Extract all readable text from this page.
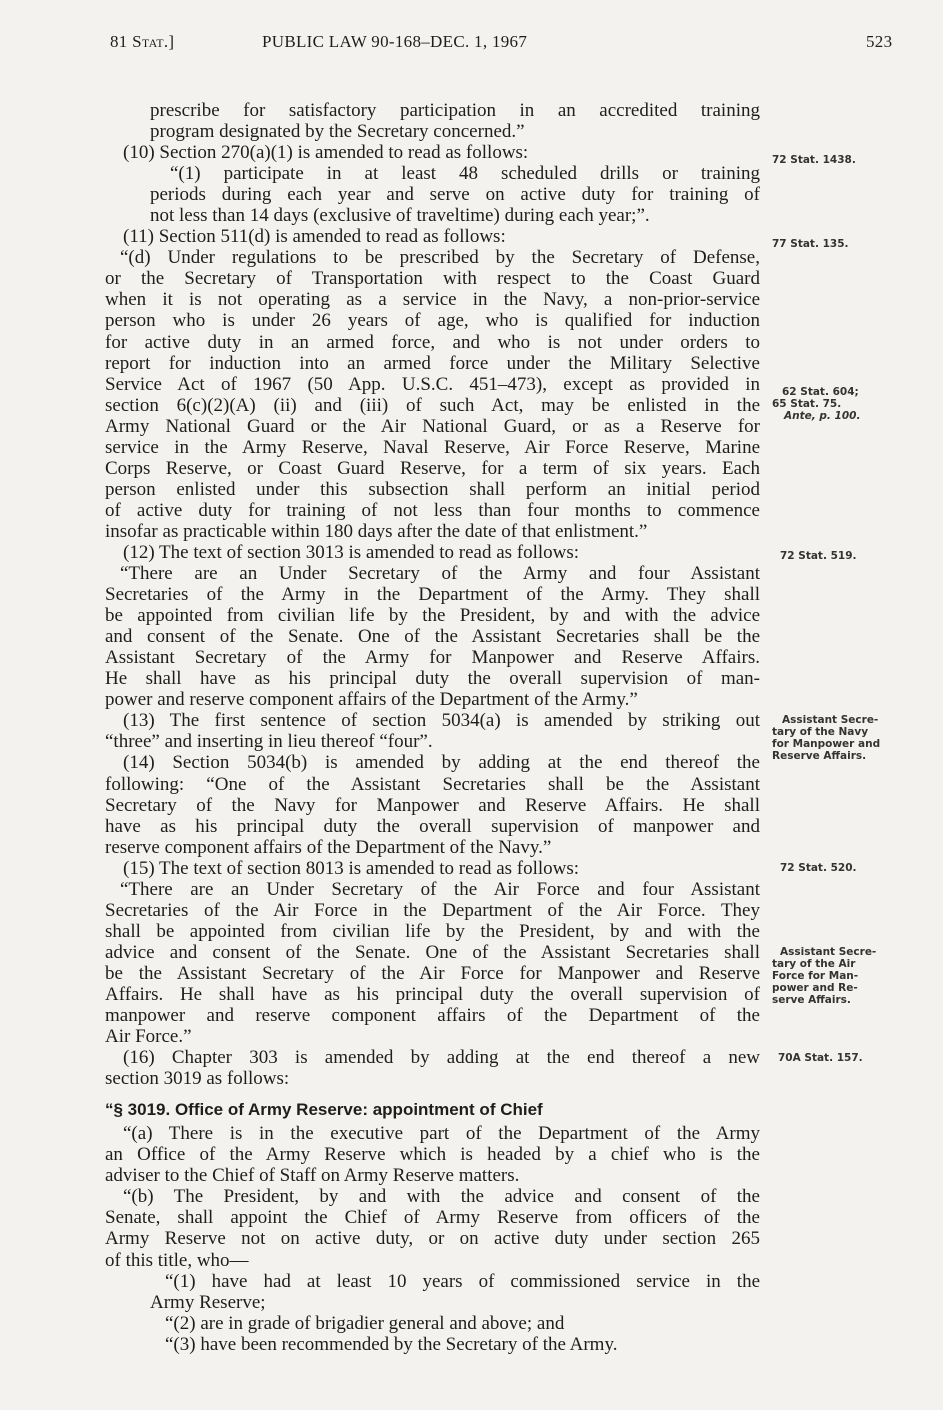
81 Stat.]	PUBLIC LAW 90-168–DEC. 1, 1967	523
prescribe for satisfactory participation in an accredited training
program designated by the Secretary concerned.”
(10) Section 270(a)(1) is amended to read as follows:
“(1) participate in at least 48 scheduled drills or training
periods during each year and serve on active duty for training of
not less than 14 days (exclusive of traveltime) during each year;”.
(11) Section 511(d) is amended to read as follows:
“(d) Under regulations to be prescribed by the Secretary of Defense,
or the Secretary of Transportation with respect to the Coast Guard
when it is not operating as a service in the Navy, a non-prior-service
person who is under 26 years of age, who is qualified for induction
for active duty in an armed force, and who is not under orders to
report for induction into an armed force under the Military Selective
Service Act of 1967 (50 App. U.S.C. 451–473), except as provided in
section 6(c)(2)(A) (ii) and (iii) of such Act, may be enlisted in the
Army National Guard or the Air National Guard, or as a Reserve for
service in the Army Reserve, Naval Reserve, Air Force Reserve, Marine
Corps Reserve, or Coast Guard Reserve, for a term of six years. Each
person enlisted under this subsection shall perform an initial period
of active duty for training of not less than four months to commence
insofar as practicable within 180 days after the date of that enlistment.”
(12) The text of section 3013 is amended to read as follows:
“There are an Under Secretary of the Army and four Assistant
Secretaries of the Army in the Department of the Army. They shall
be appointed from civilian life by the President, by and with the advice
and consent of the Senate. One of the Assistant Secretaries shall be the
Assistant Secretary of the Army for Manpower and Reserve Affairs.
He shall have as his principal duty the overall supervision of man-
power and reserve component affairs of the Department of the Army.”
(13) The first sentence of section 5034(a) is amended by striking out
“three” and inserting in lieu thereof “four”.
(14) Section 5034(b) is amended by adding at the end thereof the
following: “One of the Assistant Secretaries shall be the Assistant
Secretary of the Navy for Manpower and Reserve Affairs. He shall
have as his principal duty the overall supervision of manpower and
reserve component affairs of the Department of the Navy.”
(15) The text of section 8013 is amended to read as follows:
“There are an Under Secretary of the Air Force and four Assistant
Secretaries of the Air Force in the Department of the Air Force. They
shall be appointed from civilian life by the President, by and with the
advice and consent of the Senate. One of the Assistant Secretaries shall
be the Assistant Secretary of the Air Force for Manpower and Reserve
Affairs. He shall have as his principal duty the overall supervision of
manpower and reserve component affairs of the Department of the
Air Force.”
(16) Chapter 303 is amended by adding at the end thereof a new
section 3019 as follows:
“§ 3019. Office of Army Reserve: appointment of Chief
“(a) There is in the executive part of the Department of the Army
an Office of the Army Reserve which is headed by a chief who is the
adviser to the Chief of Staff on Army Reserve matters.
“(b) The President, by and with the advice and consent of the
Senate, shall appoint the Chief of Army Reserve from officers of the
Army Reserve not on active duty, or on active duty under section 265
of this title, who—
“(1) have had at least 10 years of commissioned service in the
Army Reserve;
“(2) are in grade of brigadier general and above; and
“(3) have been recommended by the Secretary of the Army.
72 Stat. 1438.
77 Stat. 135.
62 Stat. 604;
65 Stat. 75.
Ante, p. 100.
72 Stat. 519.
Assistant Secre-
tary of the Navy
for Manpower and
Reserve Affairs.
72 Stat. 520.
Assistant Secre-
tary of the Air
Force for Man-
power and Re-
serve Affairs.
70A Stat. 157.
